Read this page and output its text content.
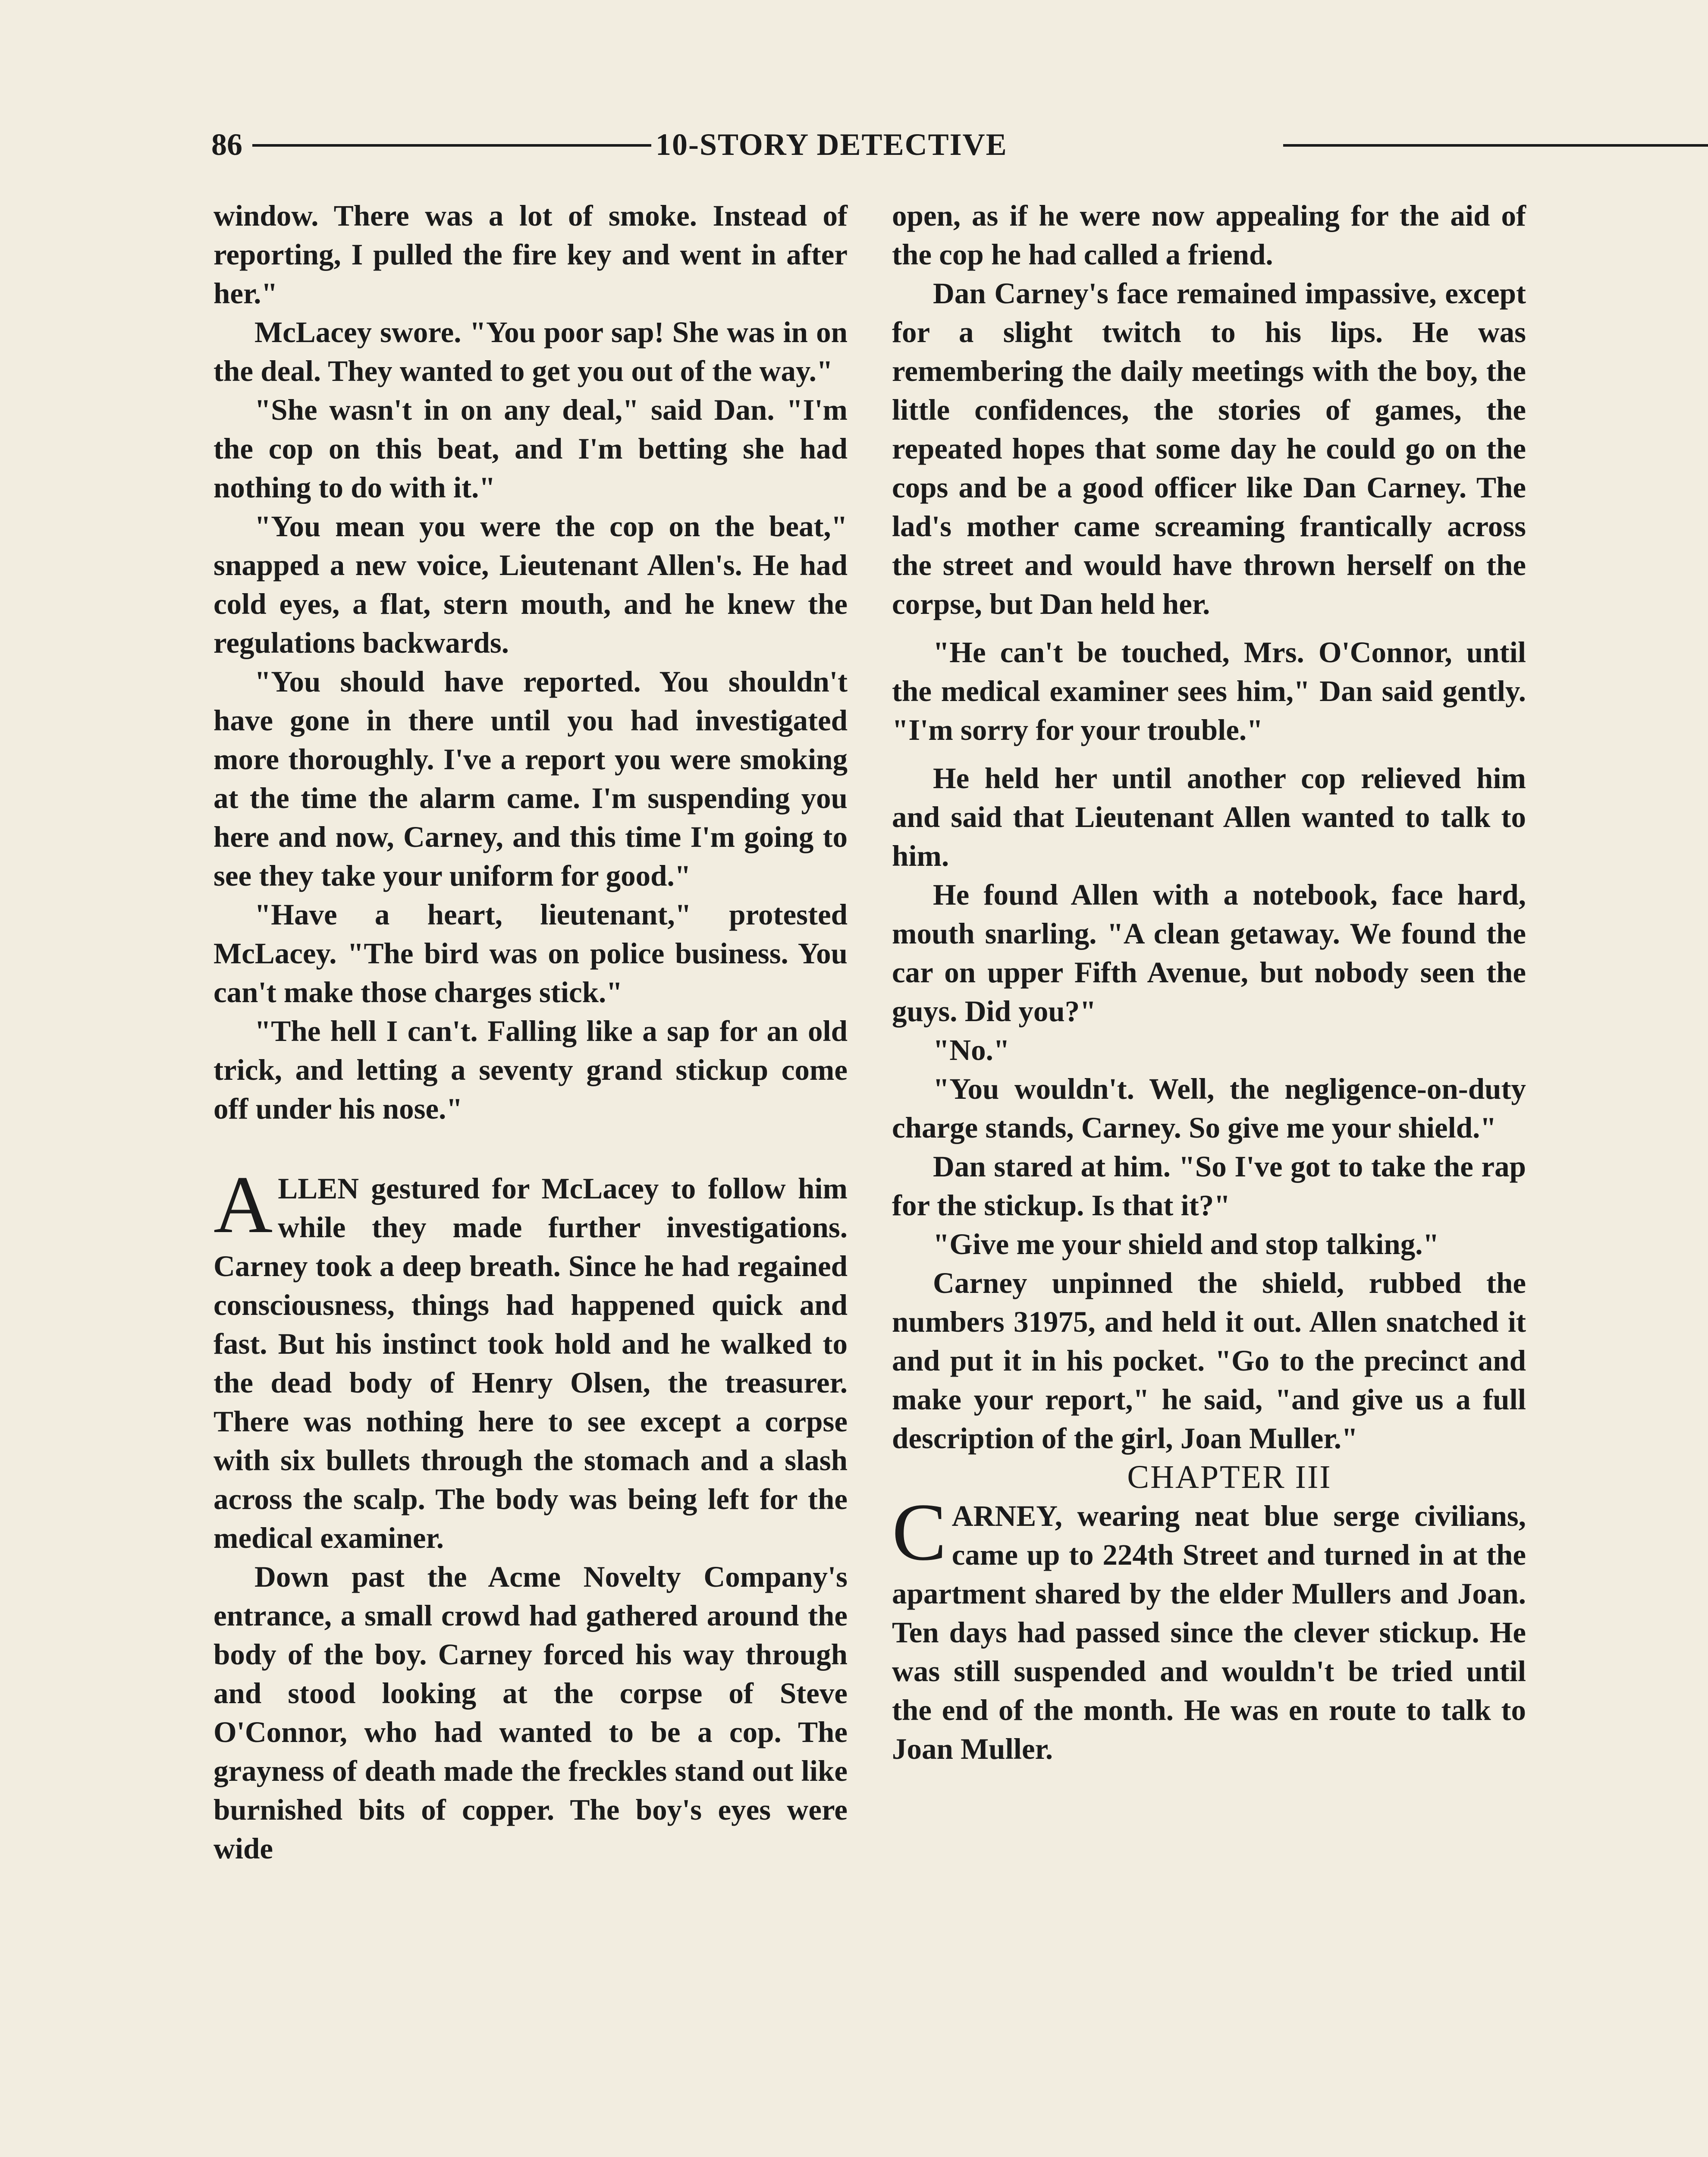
86	10-STORY DETECTIVE

window. There was a lot of smoke. Instead of reporting, I pulled the fire key and went in after her."

McLacey swore. "You poor sap! She was in on the deal. They wanted to get you out of the way."

"She wasn't in on any deal," said Dan. "I'm the cop on this beat, and I'm betting she had nothing to do with it."

"You mean you were the cop on the beat," snapped a new voice, Lieutenant Allen's. He had cold eyes, a flat, stern mouth, and he knew the regulations backwards.

"You should have reported. You shouldn't have gone in there until you had investigated more thoroughly. I've a report you were smoking at the time the alarm came. I'm suspending you here and now, Carney, and this time I'm going to see they take your uniform for good."

"Have a heart, lieutenant," protested McLacey. "The bird was on police business. You can't make those charges stick."

"The hell I can't. Falling like a sap for an old trick, and letting a seventy grand stickup come off under his nose."

ALLEN gestured for McLacey to follow him while they made further investigations. Carney took a deep breath. Since he had regained consciousness, things had happened quick and fast. But his instinct took hold and he walked to the dead body of Henry Olsen, the treasurer. There was nothing here to see except a corpse with six bullets through the stomach and a slash across the scalp. The body was being left for the medical examiner.

Down past the Acme Novelty Company's entrance, a small crowd had gathered around the body of the boy. Carney forced his way through and stood looking at the corpse of Steve O'Connor, who had wanted to be a cop. The grayness of death made the freckles stand out like burnished bits of copper. The boy's eyes were wide

open, as if he were now appealing for the aid of the cop he had called a friend.

Dan Carney's face remained impassive, except for a slight twitch to his lips. He was remembering the daily meetings with the boy, the little confidences, the stories of games, the repeated hopes that some day he could go on the cops and be a good officer like Dan Carney. The lad's mother came screaming frantically across the street and would have thrown herself on the corpse, but Dan held her.

"He can't be touched, Mrs. O'Connor, until the medical examiner sees him," Dan said gently. "I'm sorry for your trouble."

He held her until another cop relieved him and said that Lieutenant Allen wanted to talk to him.

He found Allen with a notebook, face hard, mouth snarling. "A clean getaway. We found the car on upper Fifth Avenue, but nobody seen the guys. Did you?"

"No."

"You wouldn't. Well, the negligence-on-duty charge stands, Carney. So give me your shield."

Dan stared at him. "So I've got to take the rap for the stickup. Is that it?"

"Give me your shield and stop talking."

Carney unpinned the shield, rubbed the numbers 31975, and held it out. Allen snatched it and put it in his pocket. "Go to the precinct and make your report," he said, "and give us a full description of the girl, Joan Muller."

CHAPTER III

CARNEY, wearing neat blue serge civilians, came up to 224th Street and turned in at the apartment shared by the elder Mullers and Joan. Ten days had passed since the clever stickup. He was still suspended and wouldn't be tried until the end of the month. He was en route to talk to Joan Muller.
